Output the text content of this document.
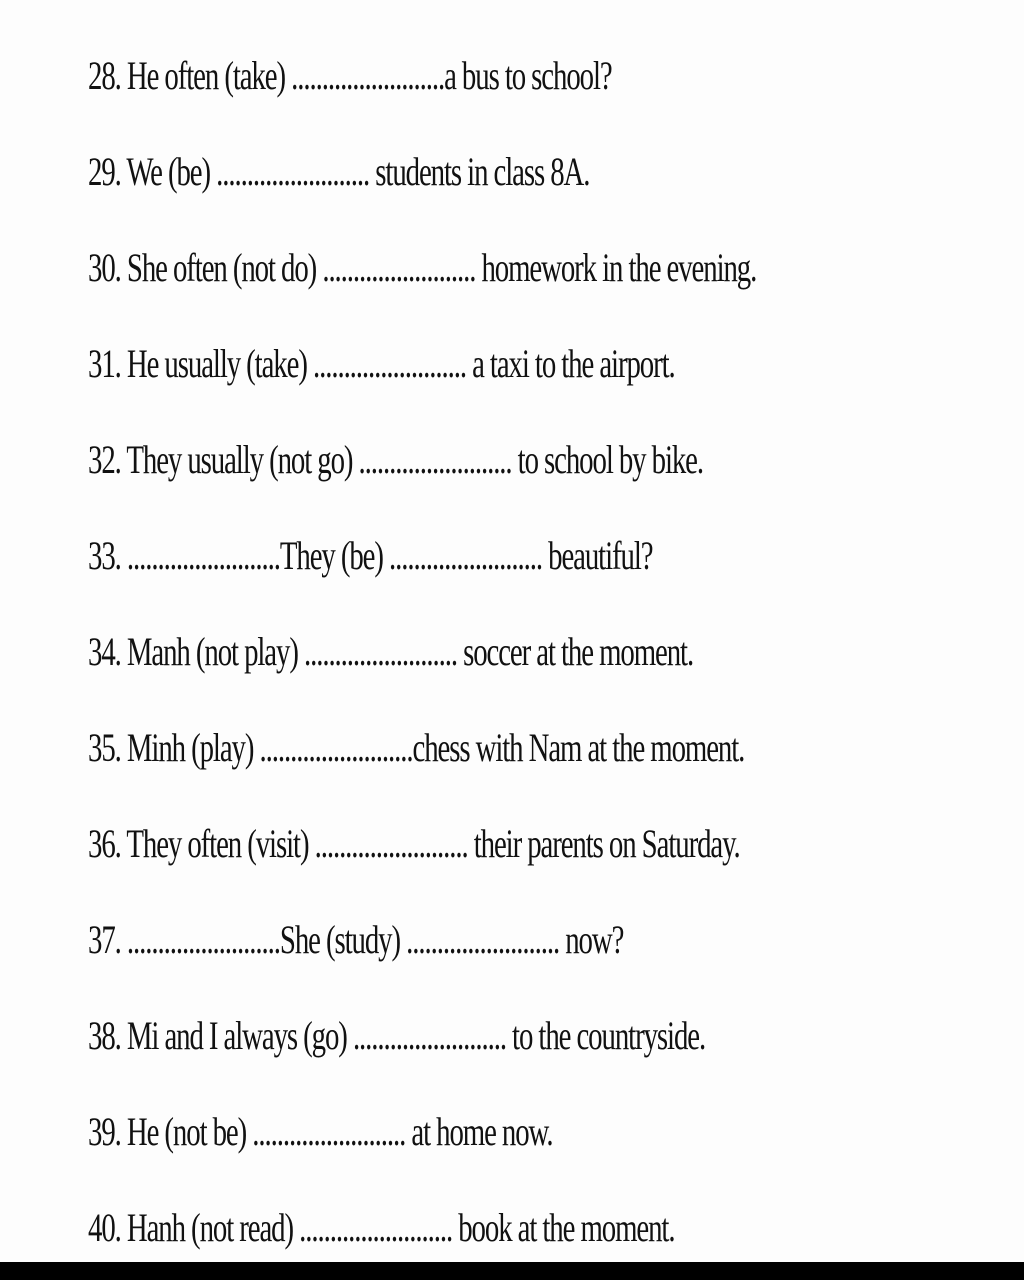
28. He often (take) .........................a bus to school?
29. We (be) ......................... students in class 8A.
30. She often (not do) ......................... homework in the evening.
31. He usually (take) ......................... a taxi to the airport.
32. They usually (not go) ......................... to school by bike.
33. .........................They (be) ......................... beautiful?
34. Manh (not play) ......................... soccer at the moment.
35. Minh (play) .........................chess with Nam at the moment.
36. They often (visit) ......................... their parents on Saturday.
37. .........................She (study) ......................... now?
38. Mi and I always (go) ......................... to the countryside.
39. He (not be) ......................... at home now.
40. Hanh (not read) ......................... book at the moment.
